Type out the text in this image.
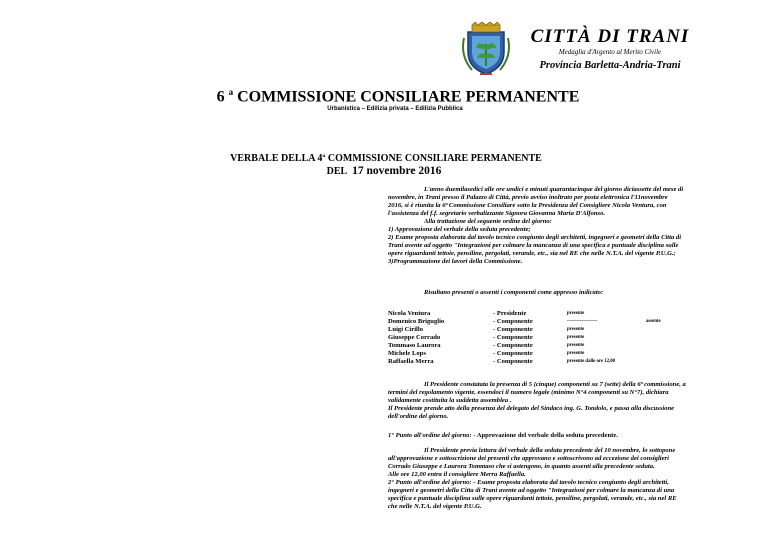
CITTÀ DI TRANI
Medaglia d'Argento al Merito Civile
Provincia Barletta-Andria-Trani
6 $^a$ COMMISSIONE CONSILIARE PERMANENTE
Urbanistica – Edilizia privata – Edilizia Pubblica
VERBALE DELLA 4ª COMMISSIONE CONSILIARE PERMANENTE
DEL 17 novembre 2016
L'anno duemilasedici alle ore undici e minuti quarantacinque del giorno diciassette del mese di
novembre, in Trani presso il Palazzo di Città, previo avviso inoltrato per posta elettronica l'11novembre
2016, si è riunita la 6ª Commissione Consiliare sotto la Presidenza del Consigliere Nicola Ventura, con
l'assistenza del f.f. segretario verbalizzante Signora Giovanna Maria D'Alfonso.
Alla trattazione del seguente ordine del giorno:
1) Approvazione del verbale della seduta precedente;
2) Esame proposta elaborata dal tavolo tecnico congiunto degli architetti, ingegneri e geometri della Citta di
Trani avente ad oggetto "Integrazioni per colmare la mancanza di una specifica e puntuale disciplina sulle
opere riguardanti tettoie, pensiline, pergolati, verande, etc., sia nel RE che nelle N.T.A. del vigente P.U.G.;
3)Programmazione dei lavori della Commissione.
Risultano presenti o assenti i componenti come appresso indicato:
Nicola Ventura	- Presidente	presente
Domenico Briguglio	- Componente	-------------------	assente
Luigi Cirillo	- Componente	presente
Giuseppe Corrado	- Componente	presente
Tommaso Laurora	- Componente	presente
Michele Lops	- Componente	presente
Raffaella Merra	- Componente	presente dalle ore 12,00
Il Presidente constatata la presenza di 5 (cinque) componenti su 7 (sette) della 6ª commissione, a
termini del regolamento vigente, essendoci il numero legale (minimo N°4 componenti su N°7), dichiara
validamente costituita la suddetta assemblea .
Il Presidente prende atto della presenza del delegato del Sindaco ing. G. Tondolo, e passa alla discussione
dell'ordine del giorno.
1° Punto all'ordine del giorno: - Approvazione del verbale della seduta precedente.
Il Presidente previa lettura del verbale della seduta precedente del 10 novembre, lo sottopone
all'approvazione e sottoscrizione dei presenti che approvano e sottoscrivono ad eccezione dei consiglieri
Corrado Giuseppe e Laurora Tommaso che si astengono, in quanto assenti alla precedente seduta.
Alle ore 12,00 entra il consigliere Merra Raffaella.
2° Punto all'ordine del giorno: - Esame proposta elaborata dal tavolo tecnico congiunto degli architetti,
ingegneri e geometri della Citta di Trani avente ad oggetto "Integrazioni per colmare la mancanza di una
specifica e puntuale disciplina sulle opere riguardanti tettoie, pensiline, pergolati, verande, etc., sia nel RE
che nelle N.T.A. del vigente P.U.G.
